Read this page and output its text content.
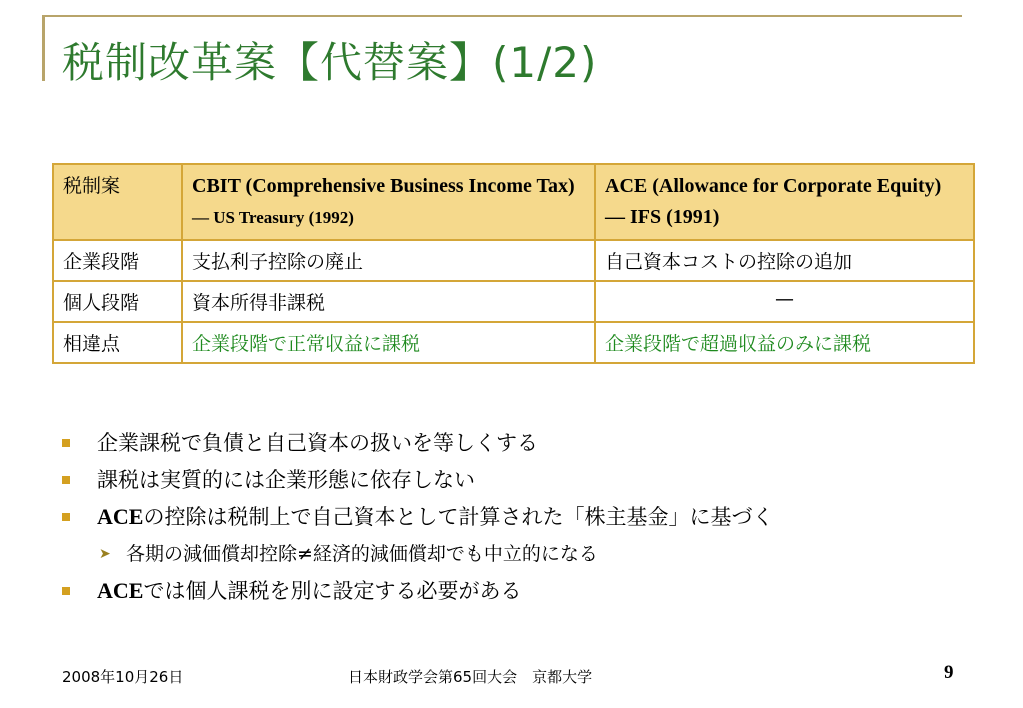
税制改革案【代替案】(1/2)
税制案	CBIT (Comprehensive Business Income Tax)  — US Treasury (1992)	ACE (Allowance for Corporate Equity)  — IFS (1991)
企業段階	支払利子控除の廃止	自己資本コストの控除の追加
個人段階	資本所得非課税	—
相違点	企業段階で正常収益に課税	企業段階で超過収益のみに課税
企業課税で負債と自己資本の扱いを等しくする
課税は実質的には企業形態に依存しない
ACEの控除は税制上で自己資本として計算された「株主基金」に基づく
➤ 各期の減価償却控除≠経済的減価償却でも中立的になる
ACEでは個人課税を別に設定する必要がある
2008年10月26日	日本財政学会第65回大会　京都大学	9
